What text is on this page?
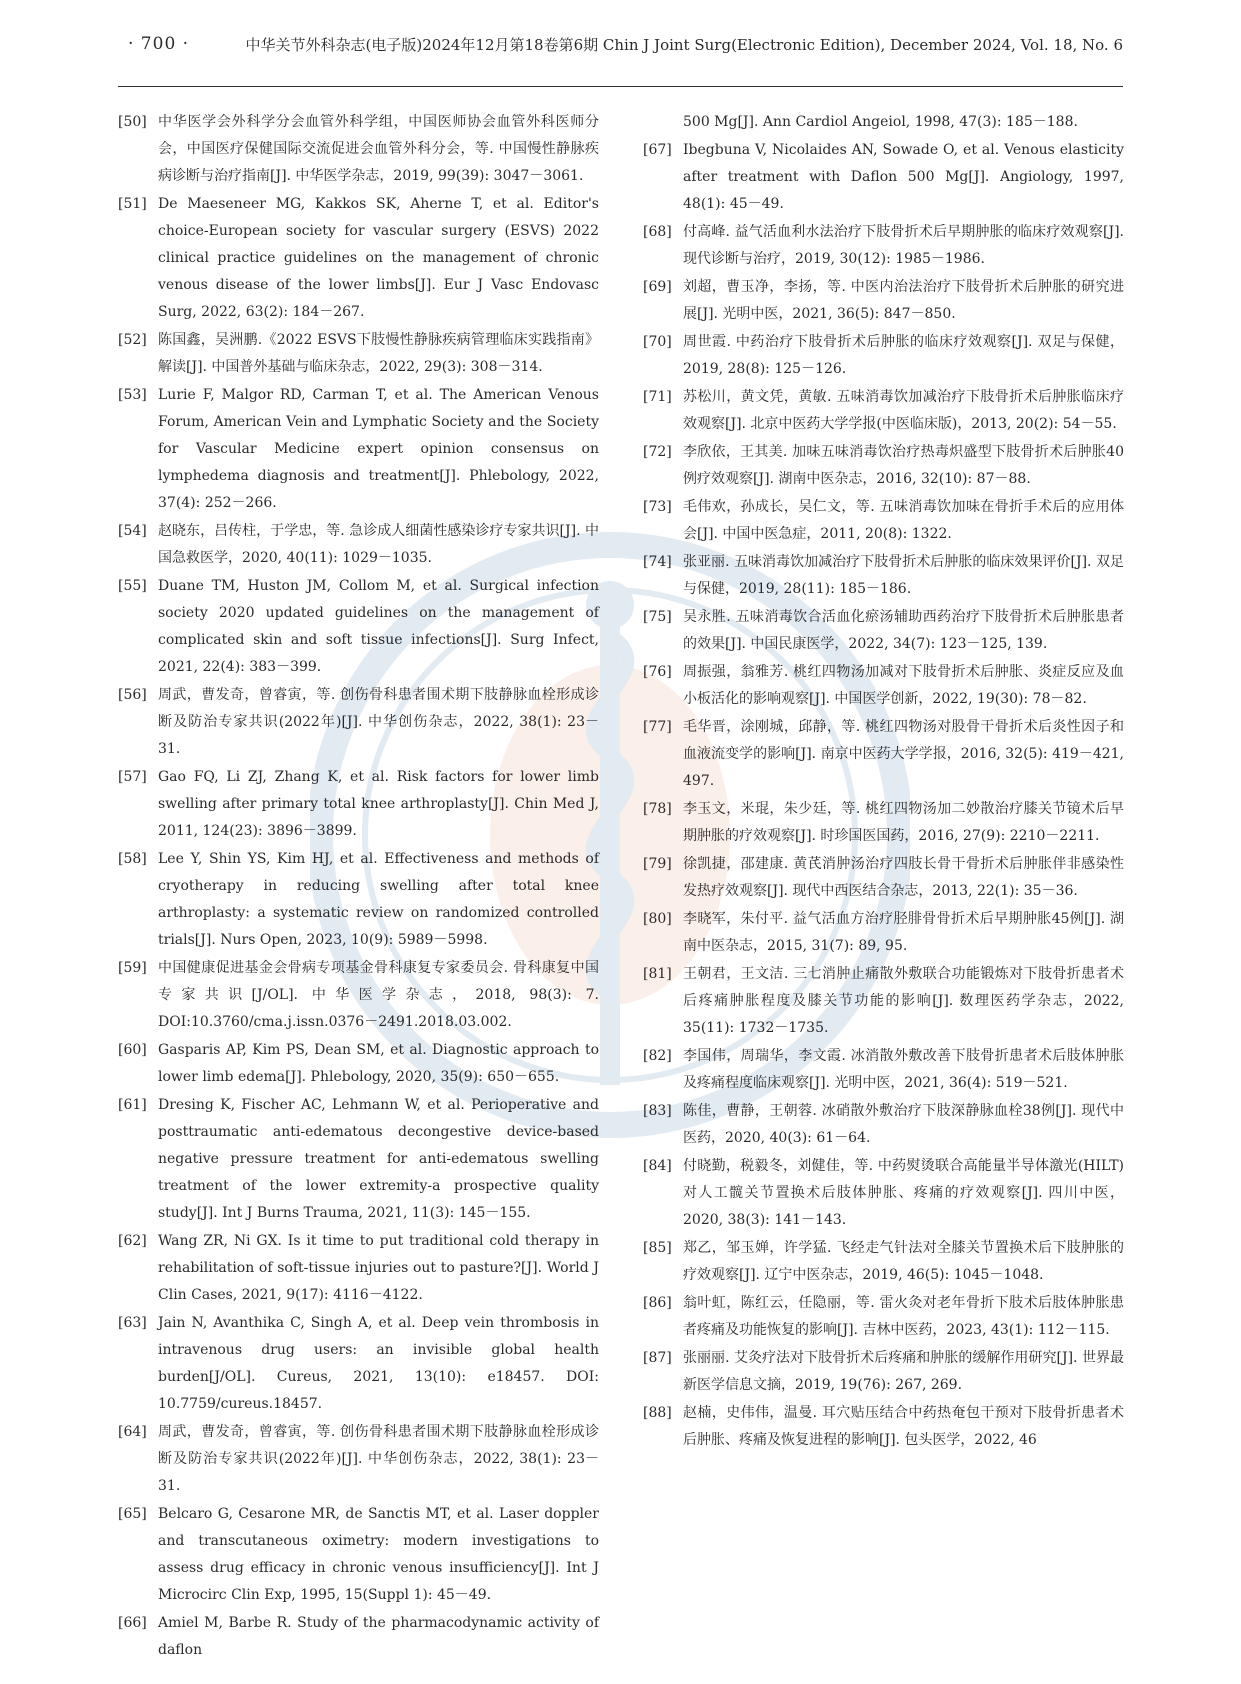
· 700 ·	中华关节外科杂志(电子版)2024年12月第18卷第6期 Chin J Joint Surg(Electronic Edition), December 2024, Vol. 18, No. 6
[50] 中华医学会外科学分会血管外科学组，中国医师协会血管外科医师分会，中国医疗保健国际交流促进会血管外科分会，等. 中国慢性静脉疾病诊断与治疗指南[J]. 中华医学杂志，2019, 99(39): 3047－3061.
[51] De Maeseneer MG, Kakkos SK, Aherne T, et al. Editor's choice-European society for vascular surgery (ESVS) 2022 clinical practice guidelines on the management of chronic venous disease of the lower limbs[J]. Eur J Vasc Endovasc Surg, 2022, 63(2): 184－267.
[52] 陈国鑫，吴洲鹏.《2022 ESVS下肢慢性静脉疾病管理临床实践指南》解读[J]. 中国普外基础与临床杂志，2022, 29(3): 308－314.
[53] Lurie F, Malgor RD, Carman T, et al. The American Venous Forum, American Vein and Lymphatic Society and the Society for Vascular Medicine expert opinion consensus on lymphedema diagnosis and treatment[J]. Phlebology, 2022, 37(4): 252－266.
[54] 赵晓东，吕传柱，于学忠，等. 急诊成人细菌性感染诊疗专家共识[J]. 中国急救医学，2020, 40(11): 1029－1035.
[55] Duane TM, Huston JM, Collom M, et al. Surgical infection society 2020 updated guidelines on the management of complicated skin and soft tissue infections[J]. Surg Infect, 2021, 22(4): 383－399.
[56] 周武，曹发奇，曾睿寅，等. 创伤骨科患者围术期下肢静脉血栓形成诊断及防治专家共识(2022年)[J]. 中华创伤杂志，2022, 38(1): 23－31.
[57] Gao FQ, Li ZJ, Zhang K, et al. Risk factors for lower limb swelling after primary total knee arthroplasty[J]. Chin Med J, 2011, 124(23): 3896－3899.
[58] Lee Y, Shin YS, Kim HJ, et al. Effectiveness and methods of cryotherapy in reducing swelling after total knee arthroplasty: a systematic review on randomized controlled trials[J]. Nurs Open, 2023, 10(9): 5989－5998.
[59] 中国健康促进基金会骨病专项基金骨科康复专家委员会. 骨科康复中国专家共识[J/OL]. 中华医学杂志，2018, 98(3): 7. DOI:10.3760/cma.j.issn.0376－2491.2018.03.002.
[60] Gasparis AP, Kim PS, Dean SM, et al. Diagnostic approach to lower limb edema[J]. Phlebology, 2020, 35(9): 650－655.
[61] Dresing K, Fischer AC, Lehmann W, et al. Perioperative and posttraumatic anti-edematous decongestive device-based negative pressure treatment for anti-edematous swelling treatment of the lower extremity-a prospective quality study[J]. Int J Burns Trauma, 2021, 11(3): 145－155.
[62] Wang ZR, Ni GX. Is it time to put traditional cold therapy in rehabilitation of soft-tissue injuries out to pasture?[J]. World J Clin Cases, 2021, 9(17): 4116－4122.
[63] Jain N, Avanthika C, Singh A, et al. Deep vein thrombosis in intravenous drug users: an invisible global health burden[J/OL]. Cureus, 2021, 13(10): e18457. DOI: 10.7759/cureus.18457.
[64] 周武，曹发奇，曾睿寅，等. 创伤骨科患者围术期下肢静脉血栓形成诊断及防治专家共识(2022年)[J]. 中华创伤杂志，2022, 38(1): 23－31.
[65] Belcaro G, Cesarone MR, de Sanctis MT, et al. Laser doppler and transcutaneous oximetry: modern investigations to assess drug efficacy in chronic venous insufficiency[J]. Int J Microcirc Clin Exp, 1995, 15(Suppl 1): 45－49.
[66] Amiel M, Barbe R. Study of the pharmacodynamic activity of daflon
500 Mg[J]. Ann Cardiol Angeiol, 1998, 47(3): 185－188.
[67] Ibegbuna V, Nicolaides AN, Sowade O, et al. Venous elasticity after treatment with Daflon 500 Mg[J]. Angiology, 1997, 48(1): 45－49.
[68] 付高峰. 益气活血利水法治疗下肢骨折术后早期肿胀的临床疗效观察[J]. 现代诊断与治疗，2019, 30(12): 1985－1986.
[69] 刘超，曹玉净，李扬，等. 中医内治法治疗下肢骨折术后肿胀的研究进展[J]. 光明中医，2021, 36(5): 847－850.
[70] 周世霞. 中药治疗下肢骨折术后肿胀的临床疗效观察[J]. 双足与保健，2019, 28(8): 125－126.
[71] 苏松川，黄文凭，黄敏. 五味消毒饮加减治疗下肢骨折术后肿胀临床疗效观察[J]. 北京中医药大学学报(中医临床版)，2013, 20(2): 54－55.
[72] 李欣依，王其美. 加味五味消毒饮治疗热毒炽盛型下肢骨折术后肿胀40例疗效观察[J]. 湖南中医杂志，2016, 32(10): 87－88.
[73] 毛伟欢，孙成长，吴仁文，等. 五味消毒饮加味在骨折手术后的应用体会[J]. 中国中医急症，2011, 20(8): 1322.
[74] 张亚丽. 五味消毒饮加减治疗下肢骨折术后肿胀的临床效果评价[J]. 双足与保健，2019, 28(11): 185－186.
[75] 吴永胜. 五味消毒饮合活血化瘀汤辅助西药治疗下肢骨折术后肿胀患者的效果[J]. 中国民康医学，2022, 34(7): 123－125, 139.
[76] 周振强，翁雅芳. 桃红四物汤加减对下肢骨折术后肿胀、炎症反应及血小板活化的影响观察[J]. 中国医学创新，2022, 19(30): 78－82.
[77] 毛华晋，涂刚城，邱静，等. 桃红四物汤对股骨干骨折术后炎性因子和血液流变学的影响[J]. 南京中医药大学学报，2016, 32(5): 419－421, 497.
[78] 李玉文，米琨，朱少廷，等. 桃红四物汤加二妙散治疗膝关节镜术后早期肿胀的疗效观察[J]. 时珍国医国药，2016, 27(9): 2210－2211.
[79] 徐凯捷，邵建康. 黄芪消肿汤治疗四肢长骨干骨折术后肿胀伴非感染性发热疗效观察[J]. 现代中西医结合杂志，2013, 22(1): 35－36.
[80] 李晓军，朱付平. 益气活血方治疗胫腓骨骨折术后早期肿胀45例[J]. 湖南中医杂志，2015, 31(7): 89, 95.
[81] 王朝君，王文洁. 三七消肿止痛散外敷联合功能锻炼对下肢骨折患者术后疼痛肿胀程度及膝关节功能的影响[J]. 数理医药学杂志，2022, 35(11): 1732－1735.
[82] 李国伟，周瑞华，李文霞. 冰消散外敷改善下肢骨折患者术后肢体肿胀及疼痛程度临床观察[J]. 光明中医，2021, 36(4): 519－521.
[83] 陈佳，曹静，王朝蓉. 冰硝散外敷治疗下肢深静脉血栓38例[J]. 现代中医药，2020, 40(3): 61－64.
[84] 付晓勤，税毅冬，刘健佳，等. 中药熨烫联合高能量半导体激光(HILT)对人工髋关节置换术后肢体肿胀、疼痛的疗效观察[J]. 四川中医，2020, 38(3): 141－143.
[85] 郑乙，邹玉婵，许学猛. 飞经走气针法对全膝关节置换术后下肢肿胀的疗效观察[J]. 辽宁中医杂志，2019, 46(5): 1045－1048.
[86] 翁叶虹，陈红云，任隐丽，等. 雷火灸对老年骨折下肢术后肢体肿胀患者疼痛及功能恢复的影响[J]. 吉林中医药，2023, 43(1): 112－115.
[87] 张丽丽. 艾灸疗法对下肢骨折术后疼痛和肿胀的缓解作用研究[J]. 世界最新医学信息文摘，2019, 19(76): 267, 269.
[88] 赵楠，史伟伟，温曼. 耳穴贴压结合中药热奄包干预对下肢骨折患者术后肿胀、疼痛及恢复进程的影响[J]. 包头医学，2022, 46
